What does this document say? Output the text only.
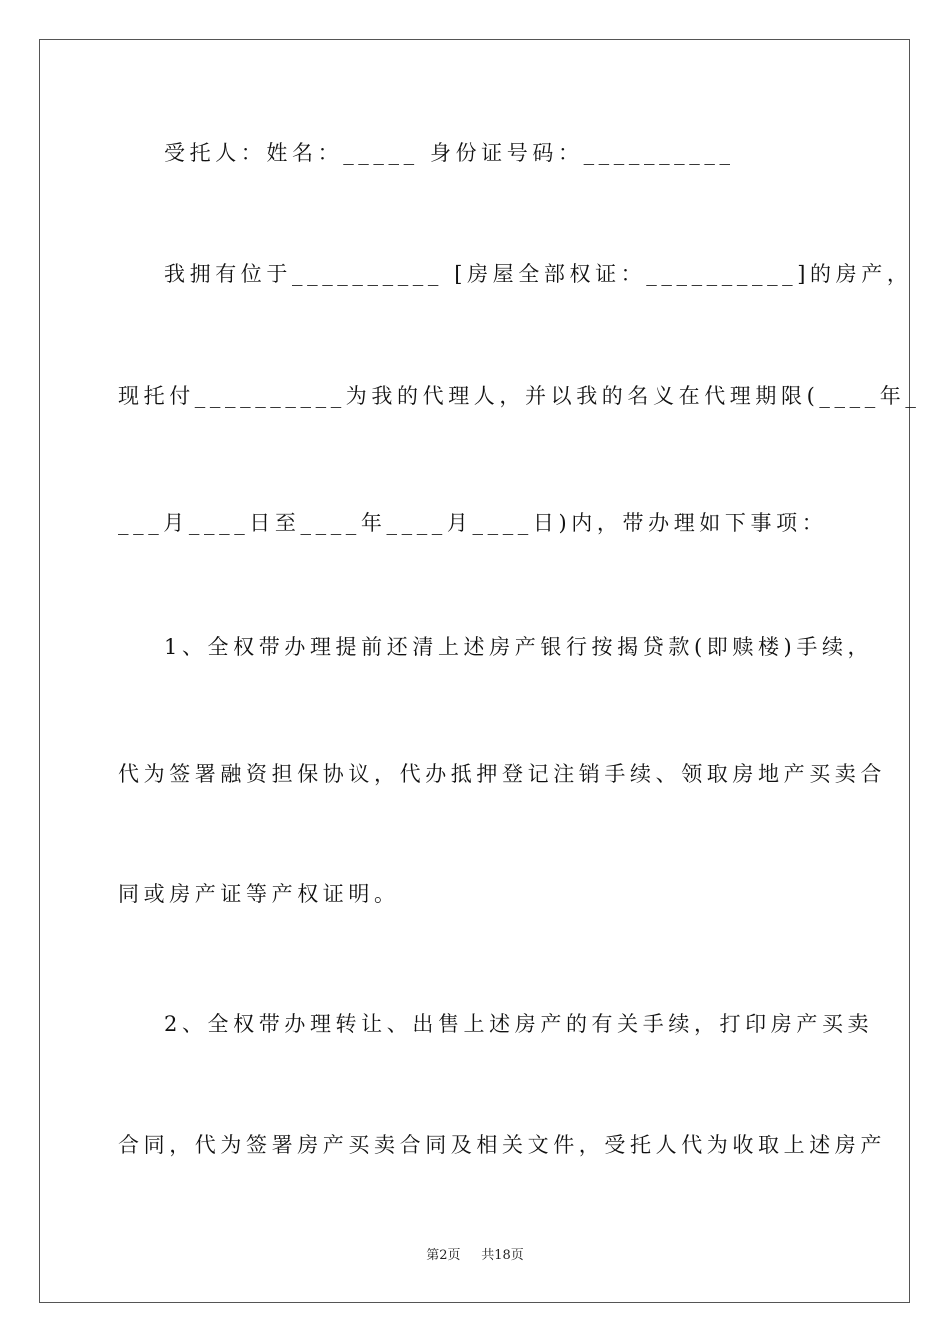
受托人：姓名：_____ 身份证号码：__________
我拥有位于__________ [房屋全部权证：__________]的房产，
现托付__________为我的代理人，并以我的名义在代理期限(____年_
___月____日至____年____月____日)内，带办理如下事项：
1、全权带办理提前还清上述房产银行按揭贷款(即赎楼)手续，
代为签署融资担保协议，代办抵押登记注销手续、领取房地产买卖合
同或房产证等产权证明。
2、全权带办理转让、出售上述房产的有关手续，打印房产买卖
合同，代为签署房产买卖合同及相关文件，受托人代为收取上述房产
第2页 共18页
